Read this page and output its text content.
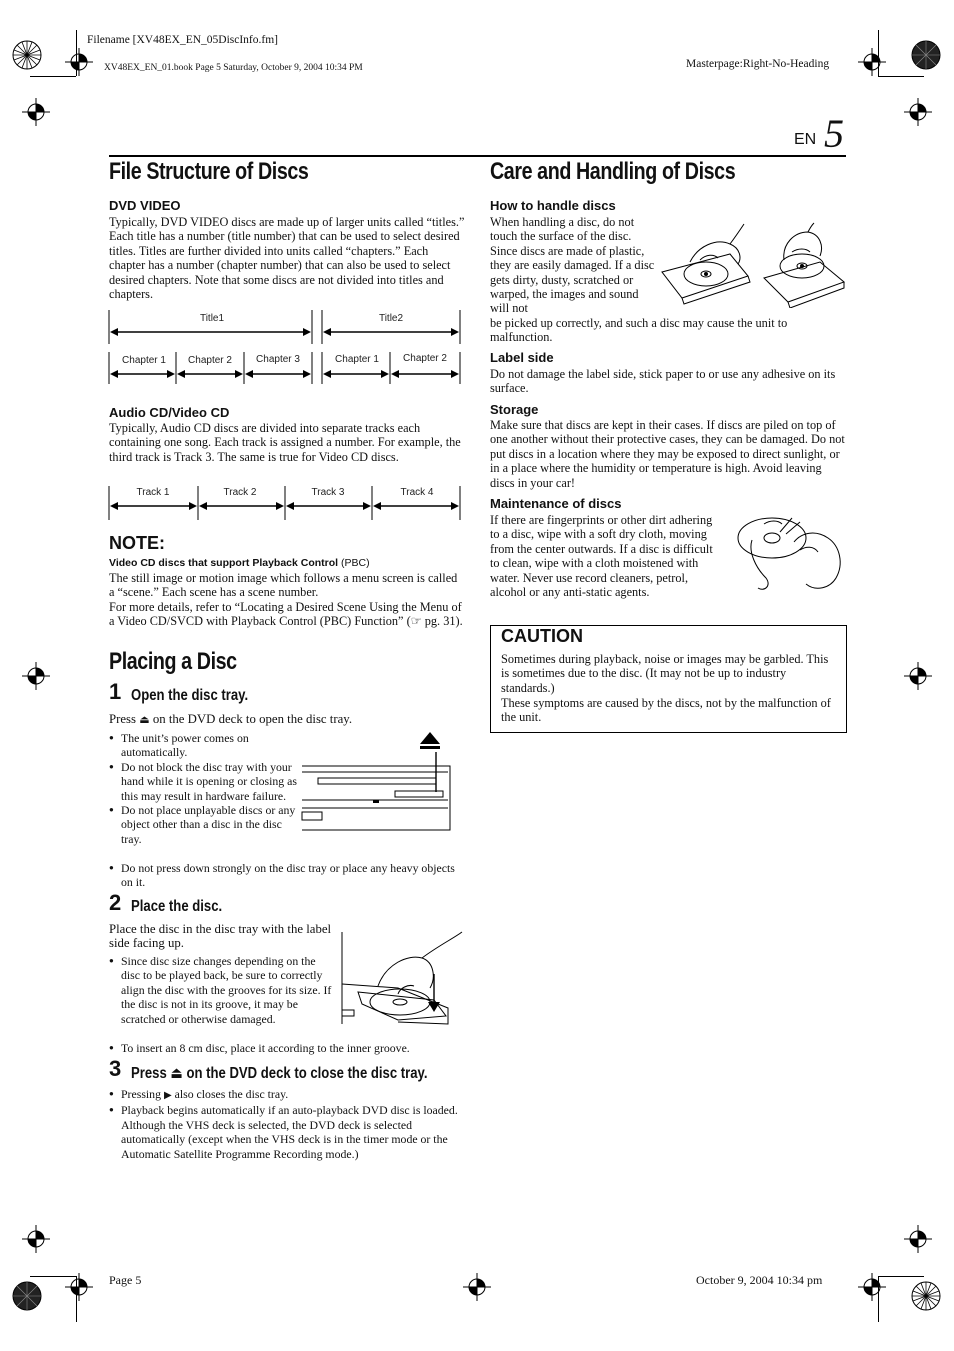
Filename [XV48EX_EN_05DiscInfo.fm]
XV48EX_EN_01.book Page 5 Saturday, October 9, 2004 10:34 PM	Masterpage:Right-No-Heading
EN 5
File Structure of Discs
DVD VIDEO
Typically, DVD VIDEO discs are made up of larger units called “titles.” Each title has a number (title number) that can be used to select desired titles. Titles are further divided into units called “chapters.” Each chapter has a number (chapter number) that can also be used to select desired chapters. Note that some discs are not divided into titles and chapters.
Title1	Title2
Chapter 1 Chapter 2 Chapter 3	Chapter 1 Chapter 2
Audio CD/Video CD
Typically, Audio CD discs are divided into separate tracks each containing one song. Each track is assigned a number. For example, the third track is Track 3. The same is true for Video CD discs.
Track 1	Track 2	Track 3	Track 4
NOTE:
Video CD discs that support Playback Control (PBC)
The still image or motion image which follows a menu screen is called a “scene.” Each scene has a scene number.
For more details, refer to “Locating a Desired Scene Using the Menu of a Video CD/SVCD with Playback Control (PBC) Function” (☞ pg. 31).
Placing a Disc
1 Open the disc tray.
Press ⏏ on the DVD deck to open the disc tray.
● The unit’s power comes on automatically.
● Do not block the disc tray with your hand while it is opening or closing as this may result in hardware failure.
● Do not place unplayable discs or any object other than a disc in the disc tray.
● Do not press down strongly on the disc tray or place any heavy objects on it.
2 Place the disc.
Place the disc in the disc tray with the label side facing up.
● Since disc size changes depending on the disc to be played back, be sure to correctly align the disc with the grooves for its size. If the disc is not in its groove, it may be scratched or otherwise damaged.
● To insert an 8 cm disc, place it according to the inner groove.
3 Press ⏏ on the DVD deck to close the disc tray.
● Pressing ▶ also closes the disc tray.
● Playback begins automatically if an auto-playback DVD disc is loaded. Although the VHS deck is selected, the DVD deck is selected automatically (except when the VHS deck is in the timer mode or the Automatic Satellite Programme Recording mode.)
Care and Handling of Discs
How to handle discs
When handling a disc, do not touch the surface of the disc. Since discs are made of plastic, they are easily damaged. If a disc gets dirty, dusty, scratched or warped, the images and sound will not
be picked up correctly, and such a disc may cause the unit to malfunction.
Label side
Do not damage the label side, stick paper to or use any adhesive on its surface.
Storage
Make sure that discs are kept in their cases. If discs are piled on top of one another without their protective cases, they can be damaged. Do not put discs in a location where they may be exposed to direct sunlight, or in a place where the humidity or temperature is high. Avoid leaving discs in your car!
Maintenance of discs
If there are fingerprints or other dirt adhering to a disc, wipe with a soft dry cloth, moving from the center outwards. If a disc is difficult to clean, wipe with a cloth moistened with water. Never use record cleaners, petrol, alcohol or any anti-static agents.
CAUTION
Sometimes during playback, noise or images may be garbled. This is sometimes due to the disc. (It may not be up to industry standards.)
These symptoms are caused by the discs, not by the malfunction of the unit.
Page 5	October 9, 2004 10:34 pm
